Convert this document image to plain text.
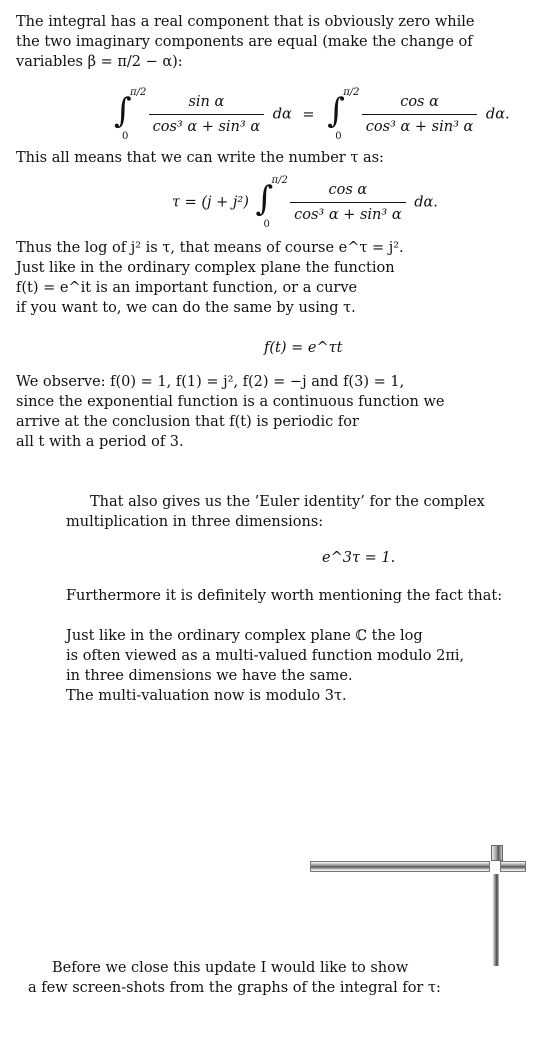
The integral has a real component that is obviously zero while
the two imaginary components are equal (make the change of
variables β = π/2 − α):
∫
π/2
0
$\frac{\text{sin α}}{\text{cos³ α + sin³ α}}$ dα = ∫
π/2
0
$\frac{\text{cos α}}{\text{cos³ α + sin³ α}} d\alpha$.
This all means that we can write the number τ as:
τ = (j + j²) ∫
π/2
0
$\frac{\text{cos α}}{\text{cos³ α + sin³ α}} d\alpha$.
Thus the log of j² is τ, that means of course e^τ = j².
Just like in the ordinary complex plane the function
f(t) = e^it is an important function, or a curve
if you want to, we can do the same by using τ.
f(t) = e^τt
We observe: f(0) = 1, f(1) = j², f(2) = −j and f(3) = 1,
since the exponential function is a continuous function we
arrive at the conclusion that f(t) is periodic for
all t with a period of 3.
That also gives us the ’Euler identity’ for the complex
multiplication in three dimensions:
e^3τ = 1.
Furthermore it is definitely worth mentioning the fact that:
Just like in the ordinary complex plane ℂ the log
is often viewed as a multi-valued function modulo 2πi,
in three dimensions we have the same.
The multi-valuation now is modulo 3τ.
Before we close this update I would like to show
a few screen-shots from the graphs of the integral for τ:
